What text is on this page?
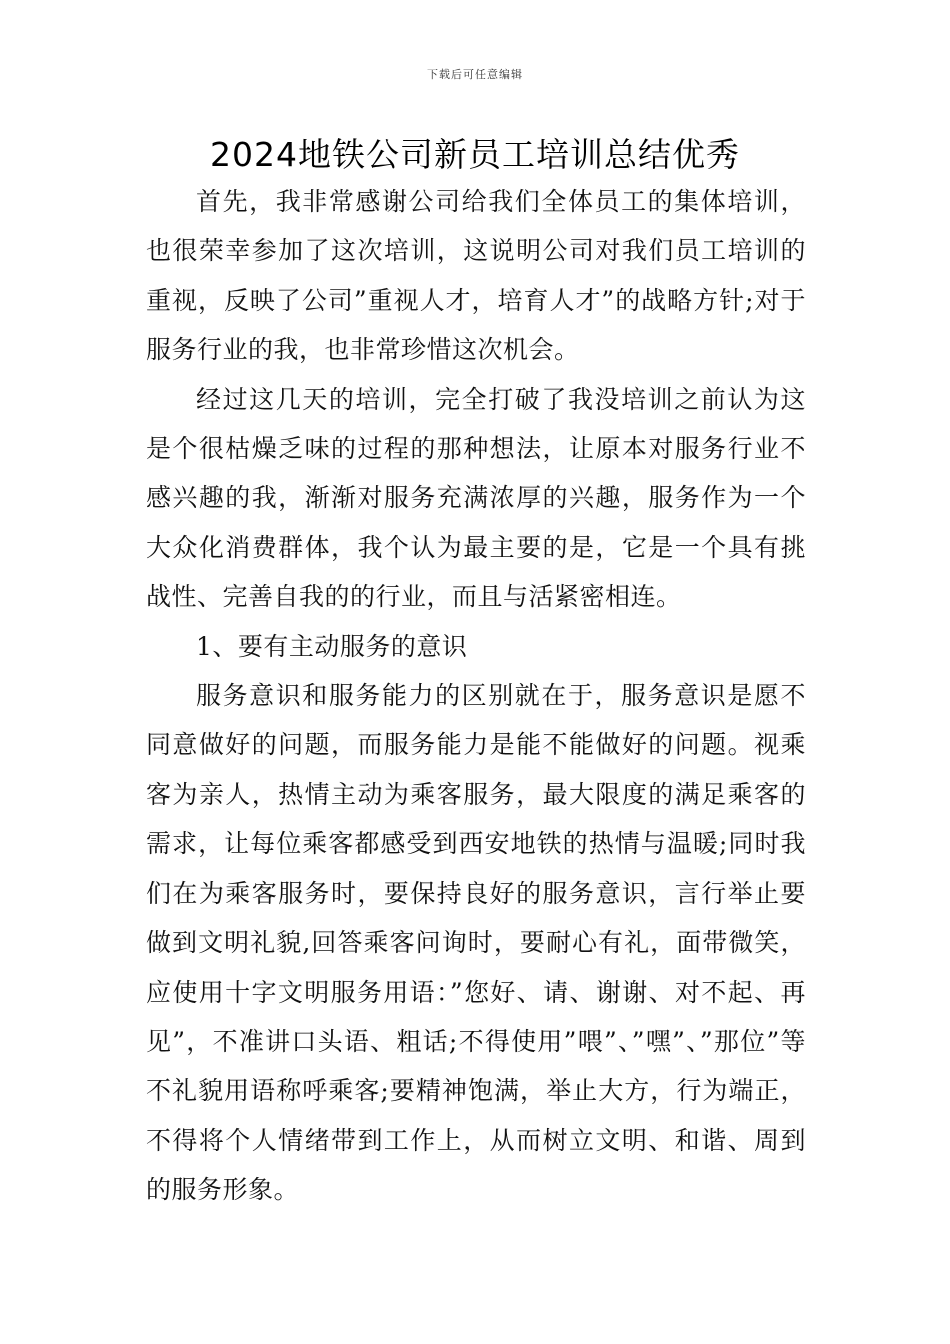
下载后可任意编辑
2024地铁公司新员工培训总结优秀

首先，我非常感谢公司给我们全体员工的集体培训，也很荣幸参加了这次培训，这说明公司对我们员工培训的重视，反映了公司”重视人才，培育人才”的战略方针;对于服务行业的我，也非常珍惜这次机会。

经过这几天的培训，完全打破了我没培训之前认为这是个很枯燥乏味的过程的那种想法，让原本对服务行业不感兴趣的我，渐渐对服务充满浓厚的兴趣，服务作为一个大众化消费群体，我个认为最主要的是，它是一个具有挑战性、完善自我的的行业，而且与活紧密相连。

1、要有主动服务的意识

服务意识和服务能力的区别就在于，服务意识是愿不同意做好的问题，而服务能力是能不能做好的问题。视乘客为亲人，热情主动为乘客服务，最大限度的满足乘客的需求，让每位乘客都感受到西安地铁的热情与温暖;同时我们在为乘客服务时，要保持良好的服务意识，言行举止要做到文明礼貌,回答乘客问询时，要耐心有礼，面带微笑，应使用十字文明服务用语：”您好、请、谢谢、对不起、再见”，不准讲口头语、粗话;不得使用”喂”、”嘿”、”那位”等不礼貌用语称呼乘客;要精神饱满，举止大方，行为端正，不得将个人情绪带到工作上，从而树立文明、和谐、周到的服务形象。
